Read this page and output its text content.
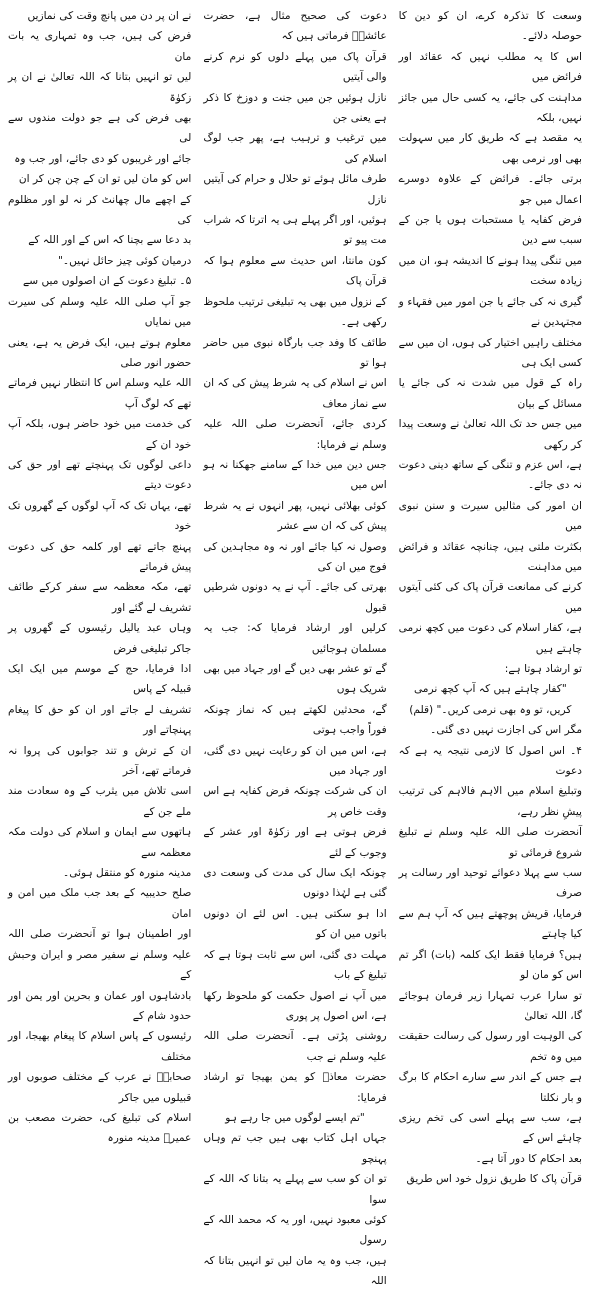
وسعت کا تذکرہ کرے، ان کو دین کا حوصلہ دلائے۔

اس کا یہ مطلب نہیں کہ عقائد اور فرائض میں

مداہنت کی جائے، یہ کسی حال میں جائز نہیں، بلکہ

یہ مقصد ہے کہ طریق کار میں سہولت بھی اور نرمی بھی

برتی جائے۔ فرائض کے علاوہ دوسرے اعمال میں جو

فرض کفایہ یا مستحبات ہوں یا جن کے سبب سے دین

میں تنگی پیدا ہونے کا اندیشہ ہو، ان میں زیادہ سخت

گیری نہ کی جائے یا جن امور میں فقہاء و مجتہدین نے

مختلف راہیں اختیار کی ہوں، ان میں سے کسی ایک ہی

راہ کے قول میں شدت نہ کی جائے یا مسائل کے بیان

میں جس حد تک اللہ تعالیٰ نے وسعت پیدا کر رکھی

ہے، اس عزم و تنگی کے ساتھ دینی دعوت نہ دی جائے۔

ان امور کی مثالیں سیرت و سنن نبوی میں

بکثرت ملتی ہیں، چنانچہ عقائد و فرائض میں مداہنت

کرنے کی ممانعت قرآن پاک کی کئی آیتوں میں

ہے، کفار اسلام کی دعوت میں کچھ نرمی چاہتے ہیں

تو ارشاد ہوتا ہے:

"کفار چاہتے ہیں کہ آپ کچھ نرمی

کریں، تو وہ بھی نرمی کریں۔" (قلم)

مگر اس کی اجازت نہیں دی گئی۔

۴۔ اس اصول کا لازمی نتیجہ یہ ہے کہ دعوت

وتبلیغ اسلام میں الاہم فالاہم کی ترتیب پیشِ نظر رہے،

آنحضرت صلی اللہ علیہ وسلم نے تبلیغ شروع فرمائی تو

سب سے پہلا دعوائے توحید اور رسالت پر صرف

فرمایا، قریش پوچھتے ہیں کہ آپ ہم سے کیا چاہتے

ہیں؟ فرمایا فقط ایک کلمہ (بات) اگر تم اس کو مان لو

تو سارا عرب تمہارا زیر فرمان ہوجائے گا، اللہ تعالیٰ

کی الوہیت اور رسول کی رسالت حقیقت میں وہ تخم

ہے جس کے اندر سے سارے احکام کا برگ و بار نکلتا

ہے، سب سے پہلے اسی کی تخم ریزی چاہئے اس کے

بعد احکام کا دور آتا ہے۔

قرآن پاک کا طریق نزول خود اس طریق

دعوت کی صحیح مثال ہے، حضرت عائشہؓ فرماتی ہیں کہ

قرآن پاک میں پہلے دلوں کو نرم کرنے والی آیتیں

نازل ہوئیں جن میں جنت و دوزخ کا ذکر ہے یعنی جن

میں ترغیب و ترہیب ہے، پھر جب لوگ اسلام کی

طرف مائل ہوئے تو حلال و حرام کی آیتیں نازل

ہوئیں، اور اگر پہلے ہی یہ اترتا کہ شراب مت پیو تو

کون مانتا، اس حدیث سے معلوم ہوا کہ قرآن پاک

کے نزول میں بھی یہ تبلیغی ترتیب ملحوظ رکھی ہے۔

طائف کا وفد جب بارگاہ نبوی میں حاضر ہوا تو

اس نے اسلام کی یہ شرط پیش کی کہ ان سے نماز معاف

کردی جائے، آنحضرت صلی اللہ علیہ وسلم نے فرمایا:

جس دین میں خدا کے سامنے جھکنا نہ ہو اس میں

کوئی بھلائی نہیں، پھر انہوں نے یہ شرط پیش کی کہ ان سے عشر

وصول نہ کیا جائے اور نہ وہ مجاہدین کی فوج میں ان کی

بھرتی کی جائے۔ آپ نے یہ دونوں شرطیں قبول

کرلیں اور ارشاد فرمایا کہ: جب یہ مسلمان ہوجائیں

گے تو عشر بھی دیں گے اور جہاد میں بھی شریک ہوں

گے، محدثین لکھتے ہیں کہ نماز چونکہ فوراً واجب ہوتی

ہے، اس میں ان کو رعایت نہیں دی گئی، اور جہاد میں

ان کی شرکت چونکہ فرض کفایہ ہے اس وقت خاص پر

فرض ہوتی ہے اور زکوٰۃ اور عشر کے وجوب کے لئے

چونکہ ایک سال کی مدت کی وسعت دی گئی ہے لہٰذا دونوں

ادا ہو سکتی ہیں۔ اس لئے ان دونوں باتوں میں ان کو

مہلت دی گئی، اس سے ثابت ہوتا ہے کہ تبلیغ کے باب

میں آپ نے اصول حکمت کو ملحوظ رکھا ہے، اس اصول پر پوری

روشنی پڑتی ہے۔ آنحضرت صلی اللہ علیہ وسلم نے جب

حضرت معاذؓ کو یمن بھیجا تو ارشاد فرمایا:

"تم ایسے لوگوں میں جا رہے ہو

جہاں اہل کتاب بھی ہیں جب تم وہاں پہنچو

تو ان کو سب سے پہلے یہ بتانا کہ اللہ کے سوا

کوئی معبود نہیں، اور یہ کہ محمد اللہ کے رسول

ہیں، جب وہ یہ مان لیں تو انہیں بتانا کہ اللہ

نے ان پر دن میں پانچ وقت کی نمازیں

فرض کی ہیں، جب وہ تمہاری یہ بات مان

لیں تو انہیں بتانا کہ اللہ تعالیٰ نے ان پر زکوٰۃ

بھی فرض کی ہے جو دولت مندوں سے لی

جائے اور غریبوں کو دی جائے، اور جب وہ

اس کو مان لیں تو ان کے چن چن کر ان

کے اچھے مال چھانٹ کر نہ لو اور مظلوم کی

بد دعا سے بچنا کہ اس کے اور اللہ کے

درمیان کوئی چیز حائل نہیں۔"

۵۔ تبلیغ دعوت کے ان اصولوں میں سے

جو آپ صلی اللہ علیہ وسلم کی سیرت میں نمایاں

معلوم ہوتے ہیں، ایک فرض یہ ہے، یعنی حضور انور صلی

اللہ علیہ وسلم اس کا انتظار نہیں فرماتے تھے کہ لوگ آپ

کی خدمت میں خود حاضر ہوں، بلکہ آپ خود ان کے

داعی لوگوں تک پہنچتے تھے اور حق کی دعوت دیتے

تھے، یہاں تک کہ آپ لوگوں کے گھروں تک خود

پہنچ جاتے تھے اور کلمہ حق کی دعوت پیش فرماتے

تھے، مکہ معظمہ سے سفر کرکے طائف تشریف لے گئے اور

وہاں عبد یالیل رئیسوں کے گھروں پر جاکر تبلیغی فرض

ادا فرمایا، حج کے موسم میں ایک ایک قبیلہ کے پاس

تشریف لے جاتے اور ان کو حق کا پیغام پہنچاتے اور

ان کے ترش و تند جوابوں کی پروا نہ فرماتے تھے، آخر

اسی تلاش میں یثرب کے وہ سعادت مند ملے جن کے

ہاتھوں سے ایمان و اسلام کی دولت مکہ معظمہ سے

مدینہ منورہ کو منتقل ہوئی۔

صلح حدیبیہ کے بعد جب ملک میں امن و امان

اور اطمینان ہوا تو آنحضرت صلی اللہ علیہ وسلم نے سفیر مصر و ایران وحبش کے

بادشاہوں اور عمان و بحرین اور یمن اور حدود شام کے

رئیسوں کے پاس اسلام کا پیغام بھیجا، اور مختلف

صحابہؓ نے عرب کے مختلف صوبوں اور قبیلوں میں جاکر

اسلام کی تبلیغ کی، حضرت مصعب بن عمیرؓ مدینہ منورہ
